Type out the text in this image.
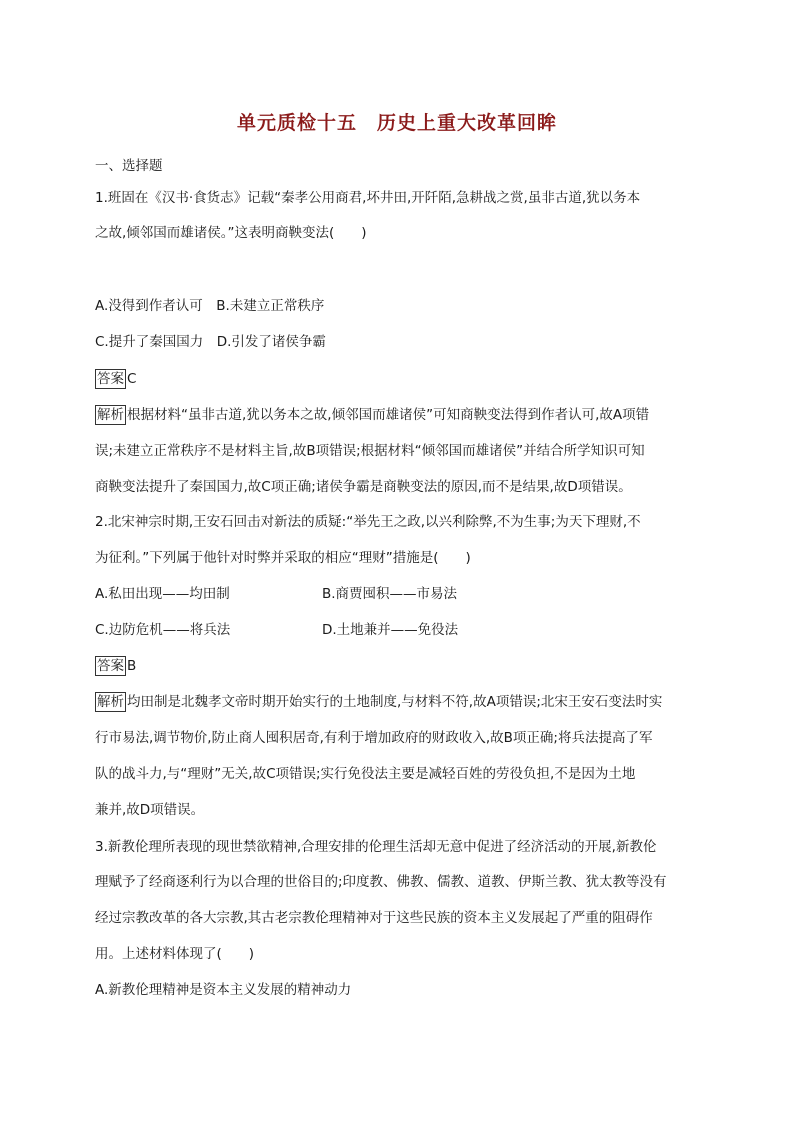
单元质检十五　历史上重大改革回眸
一、选择题
1.班固在《汉书·食货志》记载“秦孝公用商君,坏井田,开阡陌,急耕战之赏,虽非古道,犹以务本
之故,倾邻国而雄诸侯。”这表明商鞅变法(　　)
A.没得到作者认可　B.未建立正常秩序
C.提升了秦国国力　D.引发了诸侯争霸
答案 C
解析 根据材料“虽非古道,犹以务本之故,倾邻国而雄诸侯”可知商鞅变法得到作者认可,故A项错
误;未建立正常秩序不是材料主旨,故B项错误;根据材料“倾邻国而雄诸侯”并结合所学知识可知
商鞅变法提升了秦国国力,故C项正确;诸侯争霸是商鞅变法的原因,而不是结果,故D项错误。
2.北宋神宗时期,王安石回击对新法的质疑:“举先王之政,以兴利除弊,不为生事;为天下理财,不
为征利。”下列属于他针对时弊并采取的相应“理财”措施是(　　)
A.私田出现——均田制	B.商贾囤积——市易法
C.边防危机——将兵法	D.土地兼并——免役法
答案 B
解析 均田制是北魏孝文帝时期开始实行的土地制度,与材料不符,故A项错误;北宋王安石变法时实
行市易法,调节物价,防止商人囤积居奇,有利于增加政府的财政收入,故B项正确;将兵法提高了军
队的战斗力,与“理财”无关,故C项错误;实行免役法主要是减轻百姓的劳役负担,不是因为土地
兼并,故D项错误。
3.新教伦理所表现的现世禁欲精神,合理安排的伦理生活却无意中促进了经济活动的开展,新教伦
理赋予了经商逐利行为以合理的世俗目的;印度教、佛教、儒教、道教、伊斯兰教、犹太教等没有
经过宗教改革的各大宗教,其古老宗教伦理精神对于这些民族的资本主义发展起了严重的阻碍作
用。上述材料体现了(　　)
A.新教伦理精神是资本主义发展的精神动力
